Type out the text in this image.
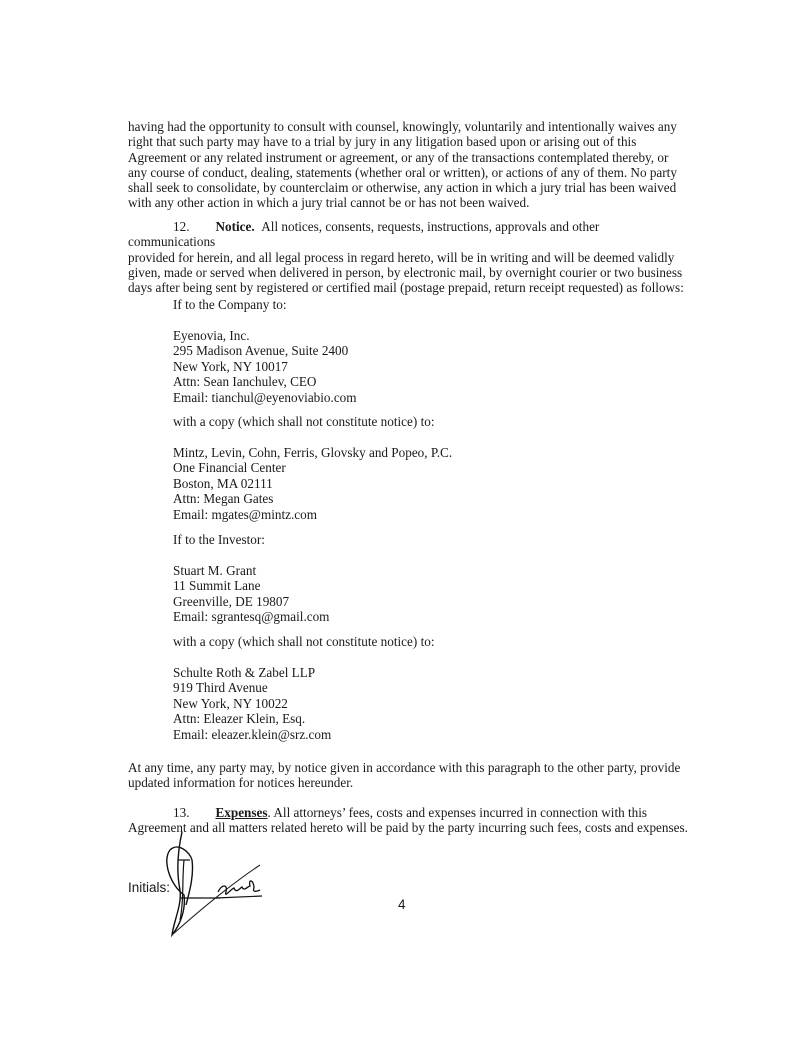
having had the opportunity to consult with counsel, knowingly, voluntarily and intentionally waives any
right that such party may have to a trial by jury in any litigation based upon or arising out of this
Agreement or any related instrument or agreement, or any of the transactions contemplated thereby, or
any course of conduct, dealing, statements (whether oral or written), or actions of any of them. No party
shall seek to consolidate, by counterclaim or otherwise, any action in which a jury trial has been waived
with any other action in which a jury trial cannot be or has not been waived.
12. Notice. All notices, consents, requests, instructions, approvals and other communications
provided for herein, and all legal process in regard hereto, will be in writing and will be deemed validly
given, made or served when delivered in person, by electronic mail, by overnight courier or two business
days after being sent by registered or certified mail (postage prepaid, return receipt requested) as follows:
If to the Company to:
Eyenovia, Inc.
295 Madison Avenue, Suite 2400
New York, NY 10017
Attn: Sean Ianchulev, CEO
Email: tianchul@eyenoviabio.com
with a copy (which shall not constitute notice) to:
Mintz, Levin, Cohn, Ferris, Glovsky and Popeo, P.C.
One Financial Center
Boston, MA 02111
Attn: Megan Gates
Email: mgates@mintz.com
If to the Investor:
Stuart M. Grant
11 Summit Lane
Greenville, DE 19807
Email: sgrantesq@gmail.com
with a copy (which shall not constitute notice) to:
Schulte Roth & Zabel LLP
919 Third Avenue
New York, NY 10022
Attn: Eleazer Klein, Esq.
Email: eleazer.klein@srz.com
At any time, any party may, by notice given in accordance with this paragraph to the other party, provide
updated information for notices hereunder.
13. Expenses. All attorneys’ fees, costs and expenses incurred in connection with this
Agreement and all matters related hereto will be paid by the party incurring such fees, costs and expenses.
Initials:
4
